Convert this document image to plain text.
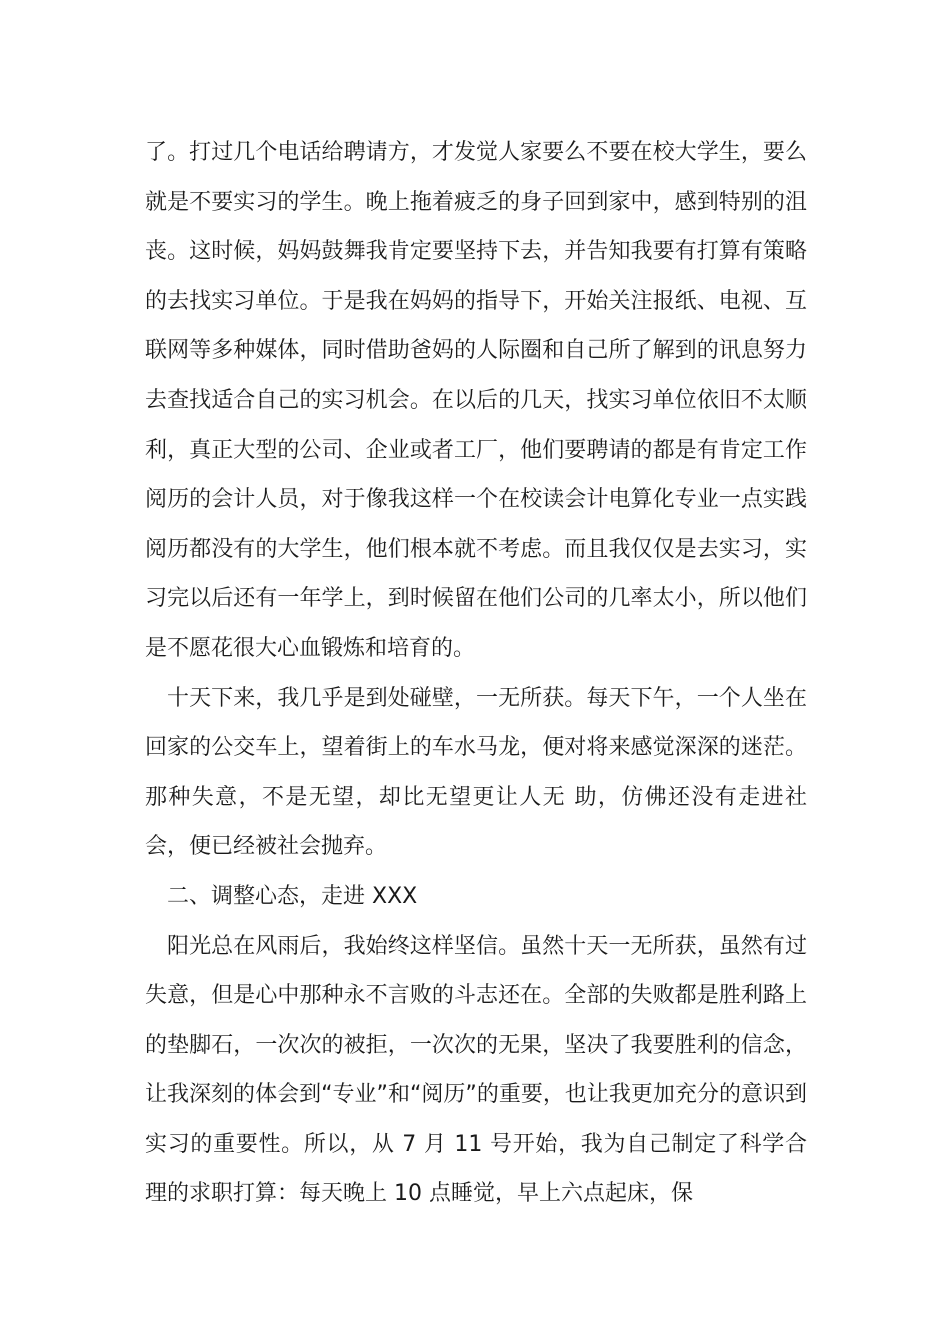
了。打过几个电话给聘请方，才发觉人家要么不要在校大学生，要么就是不要实习的学生。晚上拖着疲乏的身子回到家中，感到特别的沮丧。这时候，妈妈鼓舞我肯定要坚持下去，并告知我要有打算有策略的去找实习单位。于是我在妈妈的指导下，开始关注报纸、电视、互联网等多种媒体，同时借助爸妈的人际圈和自己所了解到的讯息努力去查找适合自己的实习机会。在以后的几天，找实习单位依旧不太顺利，真正大型的公司、企业或者工厂，他们要聘请的都是有肯定工作阅历的会计人员，对于像我这样一个在校读会计电算化专业一点实践阅历都没有的大学生，他们根本就不考虑。而且我仅仅是去实习，实习完以后还有一年学上，到时候留在他们公司的几率太小，所以他们是不愿花很大心血锻炼和培育的。

十天下来，我几乎是到处碰壁，一无所获。每天下午，一个人坐在回家的公交车上，望着街上的车水马龙，便对将来感觉深深的迷茫。那种失意，不是无望，却比无望更让人无 助，仿佛还没有走进社会，便已经被社会抛弃。

二、调整心态，走进 XXX

阳光总在风雨后，我始终这样坚信。虽然十天一无所获，虽然有过失意，但是心中那种永不言败的斗志还在。全部的失败都是胜利路上的垫脚石，一次次的被拒，一次次的无果，坚决了我要胜利的信念，让我深刻的体会到“专业”和“阅历”的重要，也让我更加充分的意识到实习的重要性。所以，从 7 月 11 号开始，我为自己制定了科学合理的求职打算：每天晚上 10 点睡觉，早上六点起床，保
